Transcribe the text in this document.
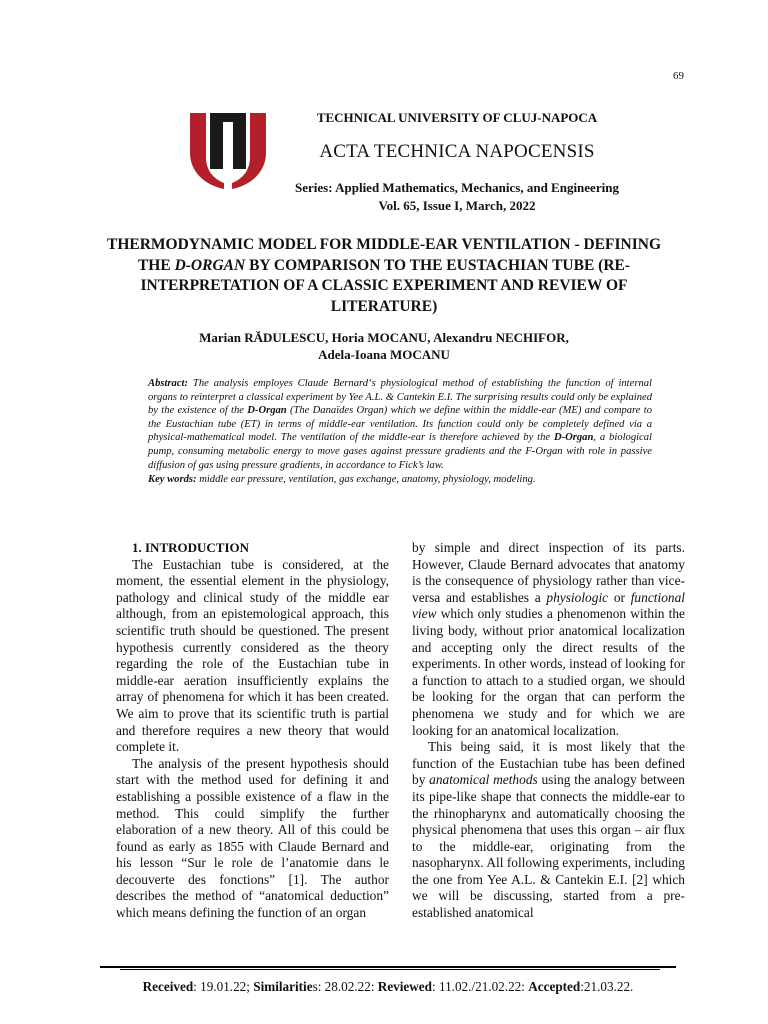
69
TECHNICAL UNIVERSITY OF CLUJ-NAPOCA
ACTA TECHNICA NAPOCENSIS
Series: Applied Mathematics, Mechanics, and Engineering
Vol. 65, Issue I, March, 2022
THERMODYNAMIC MODEL FOR MIDDLE-EAR VENTILATION - DEFINING THE D-ORGAN BY COMPARISON TO THE EUSTACHIAN TUBE (RE-INTERPRETATION OF A CLASSIC EXPERIMENT AND REVIEW OF LITERATURE)
Marian RĂDULESCU, Horia MOCANU, Alexandru NECHIFOR,
Adela-Ioana MOCANU
Abstract: The analysis employes Claude Bernard‘s physiological method of establishing the function of internal organs to reinterpret a classical experiment by Yee A.L. & Cantekin E.I. The surprising results could only be explained by the existence of the D-Organ (The Danaïdes Organ) which we define within the middle-ear (ME) and compare to the Eustachian tube (ET) in terms of middle-ear ventilation. Its function could only be completely defined via a physical-mathematical model. The ventilation of the middle-ear is therefore achieved by the D-Organ, a biological pump, consuming metabolic energy to move gases against pressure gradients and the F-Organ with role in passive diffusion of gas using pressure gradients, in accordance to Fick’s law.
Key words: middle ear pressure, ventilation, gas exchange, anatomy, physiology, modeling.

1. INTRODUCTION

The Eustachian tube is considered, at the moment, the essential element in the physiology, pathology and clinical study of the middle ear although, from an epistemological approach, this scientific truth should be questioned. The present hypothesis currently considered as the theory regarding the role of the Eustachian tube in middle-ear aeration insufficiently explains the array of phenomena for which it has been created. We aim to prove that its scientific truth is partial and therefore requires a new theory that would complete it.

The analysis of the present hypothesis should start with the method used for defining it and establishing a possible existence of a flaw in the method. This could simplify the further elaboration of a new theory. All of this could be found as early as 1855 with Claude Bernard and his lesson “Sur le role de l’anatomie dans le decouverte des fonctions” [1]. The author describes the method of “anatomical deduction” which means defining the function of an organ

by simple and direct inspection of its parts. However, Claude Bernard advocates that anatomy is the consequence of physiology rather than vice-versa and establishes a physiologic or functional view which only studies a phenomenon within the living body, without prior anatomical localization and accepting only the direct results of the experiments. In other words, instead of looking for a function to attach to a studied organ, we should be looking for the organ that can perform the phenomena we study and for which we are looking for an anatomical localization.

This being said, it is most likely that the function of the Eustachian tube has been defined by anatomical methods using the analogy between its pipe-like shape that connects the middle-ear to the rhinopharynx and automatically choosing the physical phenomena that uses this organ – air flux to the middle-ear, originating from the nasopharynx. All following experiments, including the one from Yee A.L. & Cantekin E.I. [2] which we will be discussing, started from a pre-established anatomical

Received: 19.01.22; Similarities: 28.02.22: Reviewed: 11.02./21.02.22: Accepted:21.03.22.
